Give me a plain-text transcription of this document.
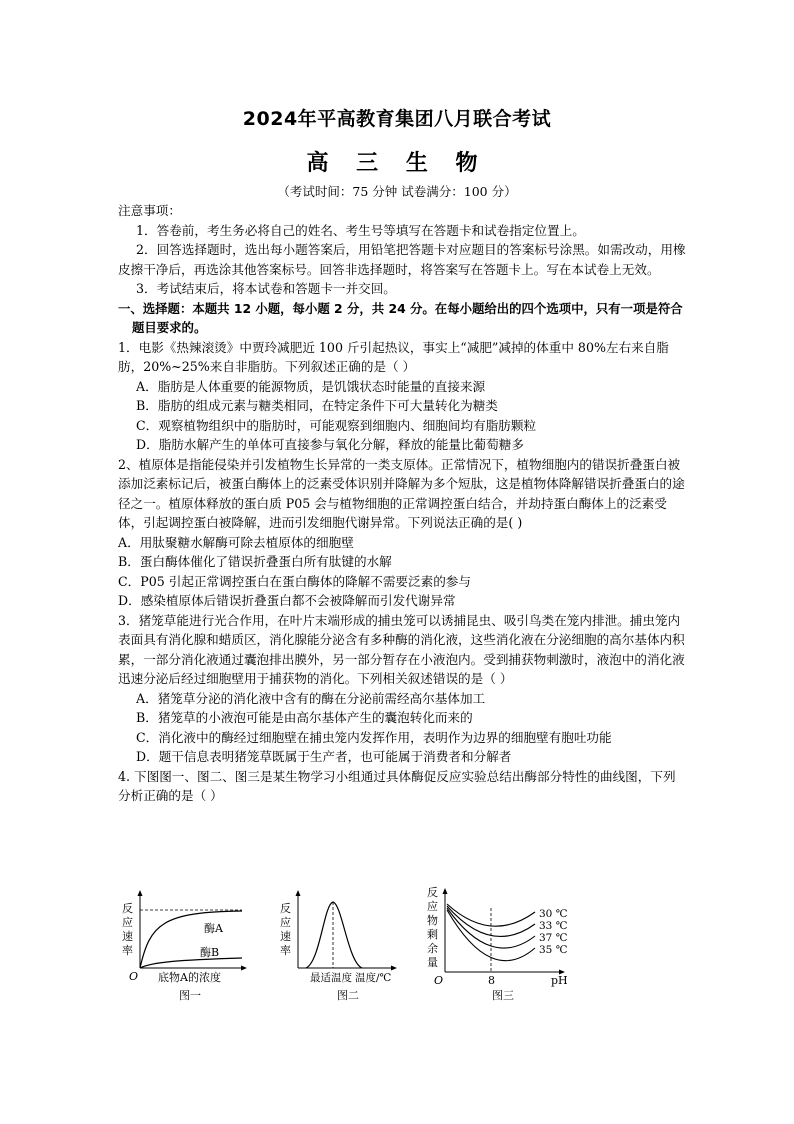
2024年平高教育集团八月联合考试
高 三 生 物
（考试时间：75 分钟 试卷满分：100 分）

注意事项：

1．答卷前，考生务必将自己的姓名、考生号等填写在答题卡和试卷指定位置上。

2．回答选择题时，选出每小题答案后，用铅笔把答题卡对应题目的答案标号涂黑。如需改动，用橡皮擦干净后，再选涂其他答案标号。回答非选择题时，将答案写在答题卡上。写在本试卷上无效。

3．考试结束后，将本试卷和答题卡一并交回。

一、选择题：本题共 12 小题，每小题 2 分，共 24 分。在每小题给出的四个选项中，只有一项是符合题目要求的。

1．电影《热辣滚烫》中贾玲减肥近 100 斤引起热议，事实上“减肥”减掉的体重中 80%左右来自脂肪，20%~25%来自非脂肪。下列叙述正确的是（ ）

A．脂肪是人体重要的能源物质，是饥饿状态时能量的直接来源

B．脂肪的组成元素与糖类相同，在特定条件下可大量转化为糖类

C．观察植物组织中的脂肪时，可能观察到细胞内、细胞间均有脂肪颗粒

D．脂肪水解产生的单体可直接参与氧化分解，释放的能量比葡萄糖多

2、植原体是指能侵染并引发植物生长异常的一类支原体。正常情况下，植物细胞内的错误折叠蛋白被添加泛素标记后，被蛋白酶体上的泛素受体识别并降解为多个短肽，这是植物体降解错误折叠蛋白的途径之一。植原体释放的蛋白质 P05 会与植物细胞的正常调控蛋白结合，并劫持蛋白酶体上的泛素受体，引起调控蛋白被降解，进而引发细胞代谢异常。下列说法正确的是( )

A．用肽聚糖水解酶可除去植原体的细胞壁

B．蛋白酶体催化了错误折叠蛋白所有肽键的水解

C．P05 引起正常调控蛋白在蛋白酶体的降解不需要泛素的参与

D．感染植原体后错误折叠蛋白都不会被降解而引发代谢异常

3．猪笼草能进行光合作用，在叶片末端形成的捕虫笼可以诱捕昆虫、吸引鸟类在笼内排泄。捕虫笼内表面具有消化腺和蜡质区，消化腺能分泌含有多种酶的消化液，这些消化液在分泌细胞的高尔基体内积累，一部分消化液通过囊泡排出膜外，另一部分暂存在小液泡内。受到捕获物刺激时，液泡中的消化液迅速分泌后经过细胞壁用于捕获物的消化。下列相关叙述错误的是（ ）

A．猪笼草分泌的消化液中含有的酶在分泌前需经高尔基体加工

B．猪笼草的小液泡可能是由高尔基体产生的囊泡转化而来的

C．消化液中的酶经过细胞壁在捕虫笼内发挥作用，表明作为边界的细胞壁有胞吐功能

D．题干信息表明猪笼草既属于生产者，也可能属于消费者和分解者

4. 下图图一、图二、图三是某生物学习小组通过具体酶促反应实验总结出酶部分特性的曲线图，下列分析正确的是（ ）

反
应
速
率
酶A
酶B
O 底物A的浓度
图一
反
应
速
率
最适温度 温度/℃
图二
反
应
物
剩
余
量
30 ℃
33 ℃
37 ℃
35 ℃
O	8	pH
图三
